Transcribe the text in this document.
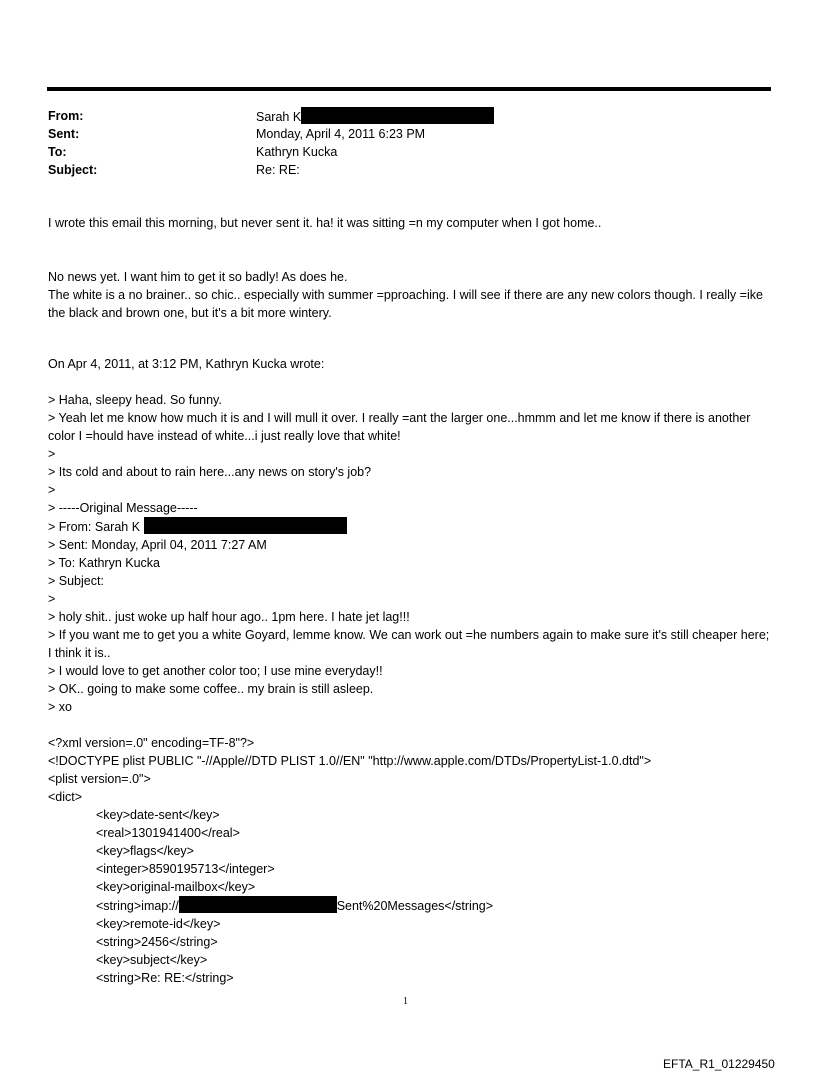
From:	Sarah K
Sent:	Monday, April 4, 2011 6:23 PM
To:	Kathryn Kucka
Subject:	Re: RE:

I wrote this email this morning, but never sent it. ha! it was sitting =n my computer when I got home..

No news yet. I want him to get it so badly! As does he.

The white is a no brainer.. so chic.. especially with summer =pproaching. I will see if there are any new colors though. I really =ike the black and brown one, but it's a bit more wintery.

On Apr 4, 2011, at 3:12 PM, Kathryn Kucka wrote:

> Haha, sleepy head. So funny.

> Yeah let me know how much it is and I will mull it over. I really =ant the larger one...hmmm and let me know if there is another color I =hould have instead of white...i just really love that white!

>

> Its cold and about to rain here...any news on story's job?

>

> -----Original Message-----

> From: Sarah K

> Sent: Monday, April 04, 2011 7:27 AM

> To: Kathryn Kucka

> Subject:

>

> holy shit.. just woke up half hour ago.. 1pm here. I hate jet lag!!!

> If you want me to get you a white Goyard, lemme know. We can work out =he numbers again to make sure it's still cheaper here; I think it is..

> I would love to get another color too; I use mine everyday!!

> OK.. going to make some coffee.. my brain is still asleep.

> xo

<?xml version=.0" encoding=TF-8"?>

<!DOCTYPE plist PUBLIC "-//Apple//DTD PLIST 1.0//EN" "http://www.apple.com/DTDs/PropertyList-1.0.dtd">

<plist version=.0">

<dict>

<key>date-sent</key>

<real>1301941400</real>

<key>flags</key>

<integer>8590195713</integer>

<key>original-mailbox</key>

<string>imap://	Sent%20Messages</string>

<key>remote-id</key>

<string>2456</string>

<key>subject</key>

<string>Re: RE:</string>

1
EFTA_R1_01229450
